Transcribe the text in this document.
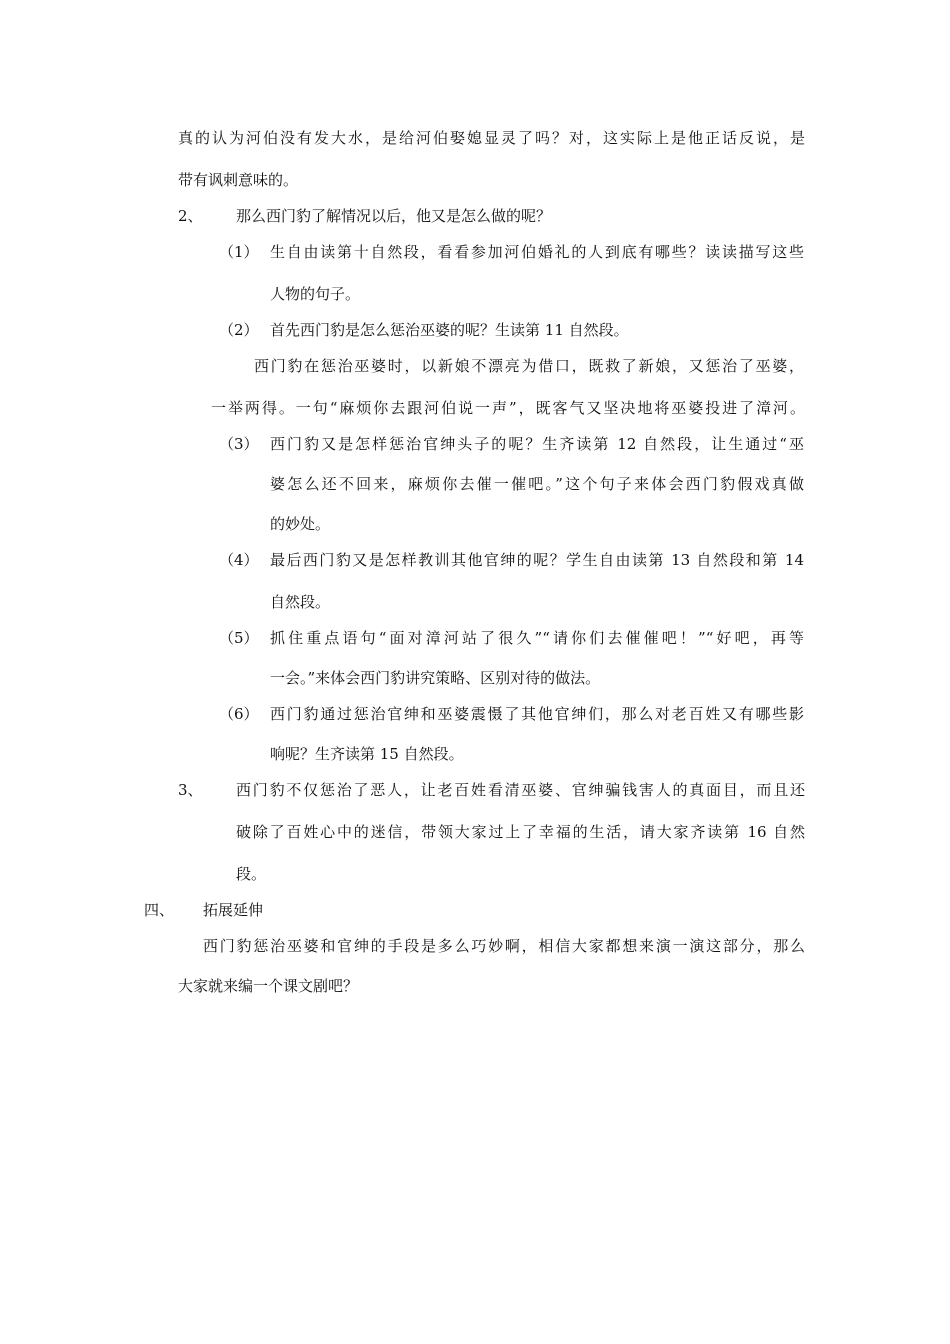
真的认为河伯没有发大水，是给河伯娶媳显灵了吗？对，这实际上是他正话反说，是
带有讽刺意味的。
2、 那么西门豹了解情况以后，他又是怎么做的呢？
（1） 生自由读第十自然段，看看参加河伯婚礼的人到底有哪些？读读描写这些
人物的句子。
（2） 首先西门豹是怎么惩治巫婆的呢？生读第 11 自然段。
西门豹在惩治巫婆时，以新娘不漂亮为借口，既救了新娘，又惩治了巫婆，
一举两得。一句“麻烦你去跟河伯说一声”，既客气又坚决地将巫婆投进了漳河。
（3） 西门豹又是怎样惩治官绅头子的呢？生齐读第 12 自然段，让生通过“巫
婆怎么还不回来，麻烦你去催一催吧。”这个句子来体会西门豹假戏真做
的妙处。
（4） 最后西门豹又是怎样教训其他官绅的呢？学生自由读第 13 自然段和第 14
自然段。
（5） 抓住重点语句“面对漳河站了很久”“请你们去催催吧！”“好吧，再等
一会。”来体会西门豹讲究策略、区别对待的做法。
（6） 西门豹通过惩治官绅和巫婆震慑了其他官绅们，那么对老百姓又有哪些影
响呢？生齐读第 15 自然段。
3、 西门豹不仅惩治了恶人，让老百姓看清巫婆、官绅骗钱害人的真面目，而且还
破除了百姓心中的迷信，带领大家过上了幸福的生活，请大家齐读第 16 自然
段。
四、 拓展延伸
西门豹惩治巫婆和官绅的手段是多么巧妙啊，相信大家都想来演一演这部分，那么
大家就来编一个课文剧吧？
